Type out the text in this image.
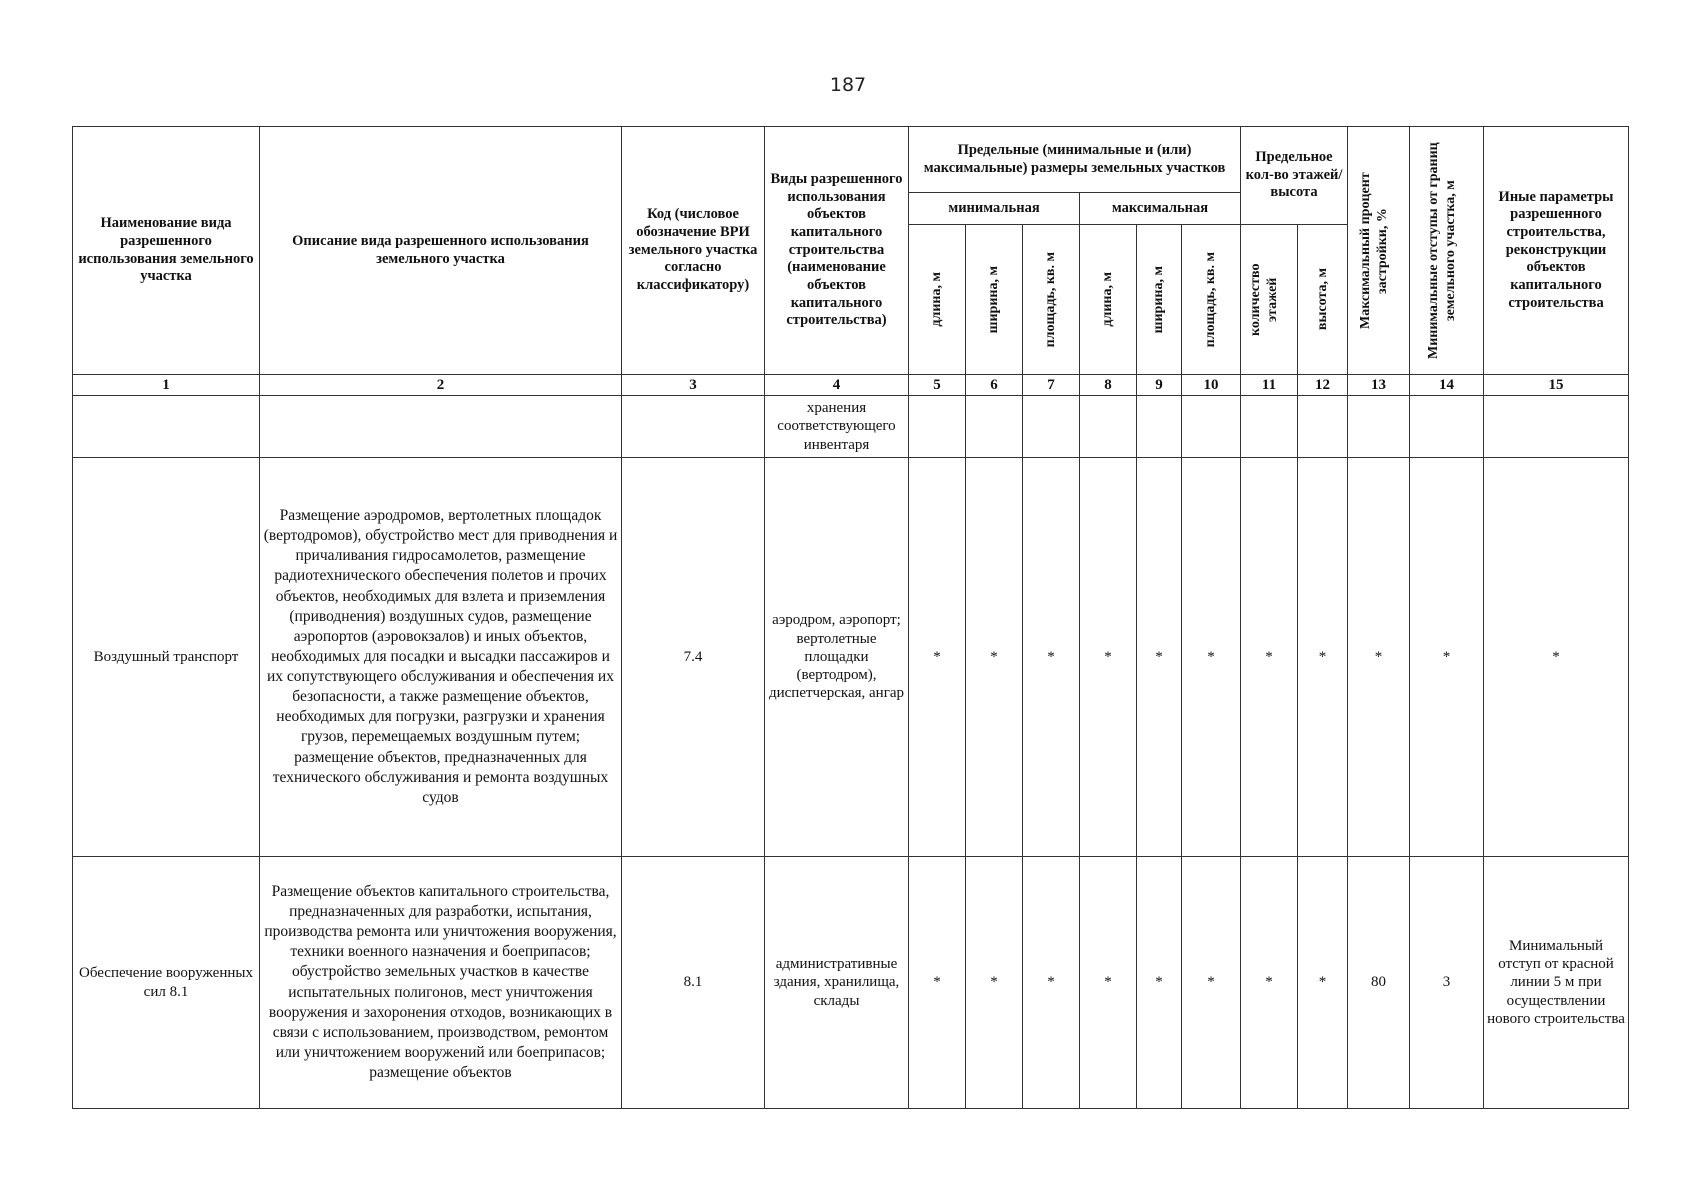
187
Наименование вида разрешенного использования земельного участка	Описание вида разрешенного использования земельного участка	Код (числовое обозначение ВРИ земельного участка согласно классификатору)	Виды разрешенного использования объектов капитального строительства (наименование объектов капитального строительства)	Предельные (минимальные и (или) максимальные) размеры земельных участков						Предельное кол-во этажей/высота		Максимальный процент застройки, %	Минимальные отступы от границ земельного участка, м	Иные параметры разрешенного строительства, реконструкции объектов капитального строительства
				минимальная			максимальная							

				длина, м	ширина, м	площадь, кв. м	длина, м	ширина, м	площадь, кв. м	количество этажей	высота, м			

1	2	3	4	5	6	7	8	9	10	11	12	13	14	15
			хранения соответствующего инвентаря											
Воздушный транспорт	Размещение аэродромов, вертолетных площадок (вертодромов), обустройство мест для приводнения и причаливания гидросамолетов, размещение радиотехнического обеспечения полетов и прочих объектов, необходимых для взлета и приземления (приводнения) воздушных судов, размещение аэропортов (аэровокзалов) и иных объектов, необходимых для посадки и высадки пассажиров и их сопутствующего обслуживания и обеспечения их безопасности, а также размещение объектов, необходимых для погрузки, разгрузки и хранения грузов, перемещаемых воздушным путем; размещение объектов, предназначенных для технического обслуживания и ремонта воздушных судов	7.4	аэродром, аэропорт; вертолетные площадки (вертодром), диспетчерская, ангар	*	*	*	*	*	*	*	*	*	*	*
Обеспечение вооруженных сил 8.1	Размещение объектов капитального строительства, предназначенных для разработки, испытания, производства ремонта или уничтожения вооружения, техники военного назначения и боеприпасов; обустройство земельных участков в качестве испытательных полигонов, мест уничтожения вооружения и захоронения отходов, возникающих в связи с использованием, производством, ремонтом или уничтожением вооружений или боеприпасов; размещение объектов	8.1	административные здания, хранилища, склады	*	*	*	*	*	*	*	*	80	3	Минимальный отступ от красной линии 5 м при осуществлении нового строительства
